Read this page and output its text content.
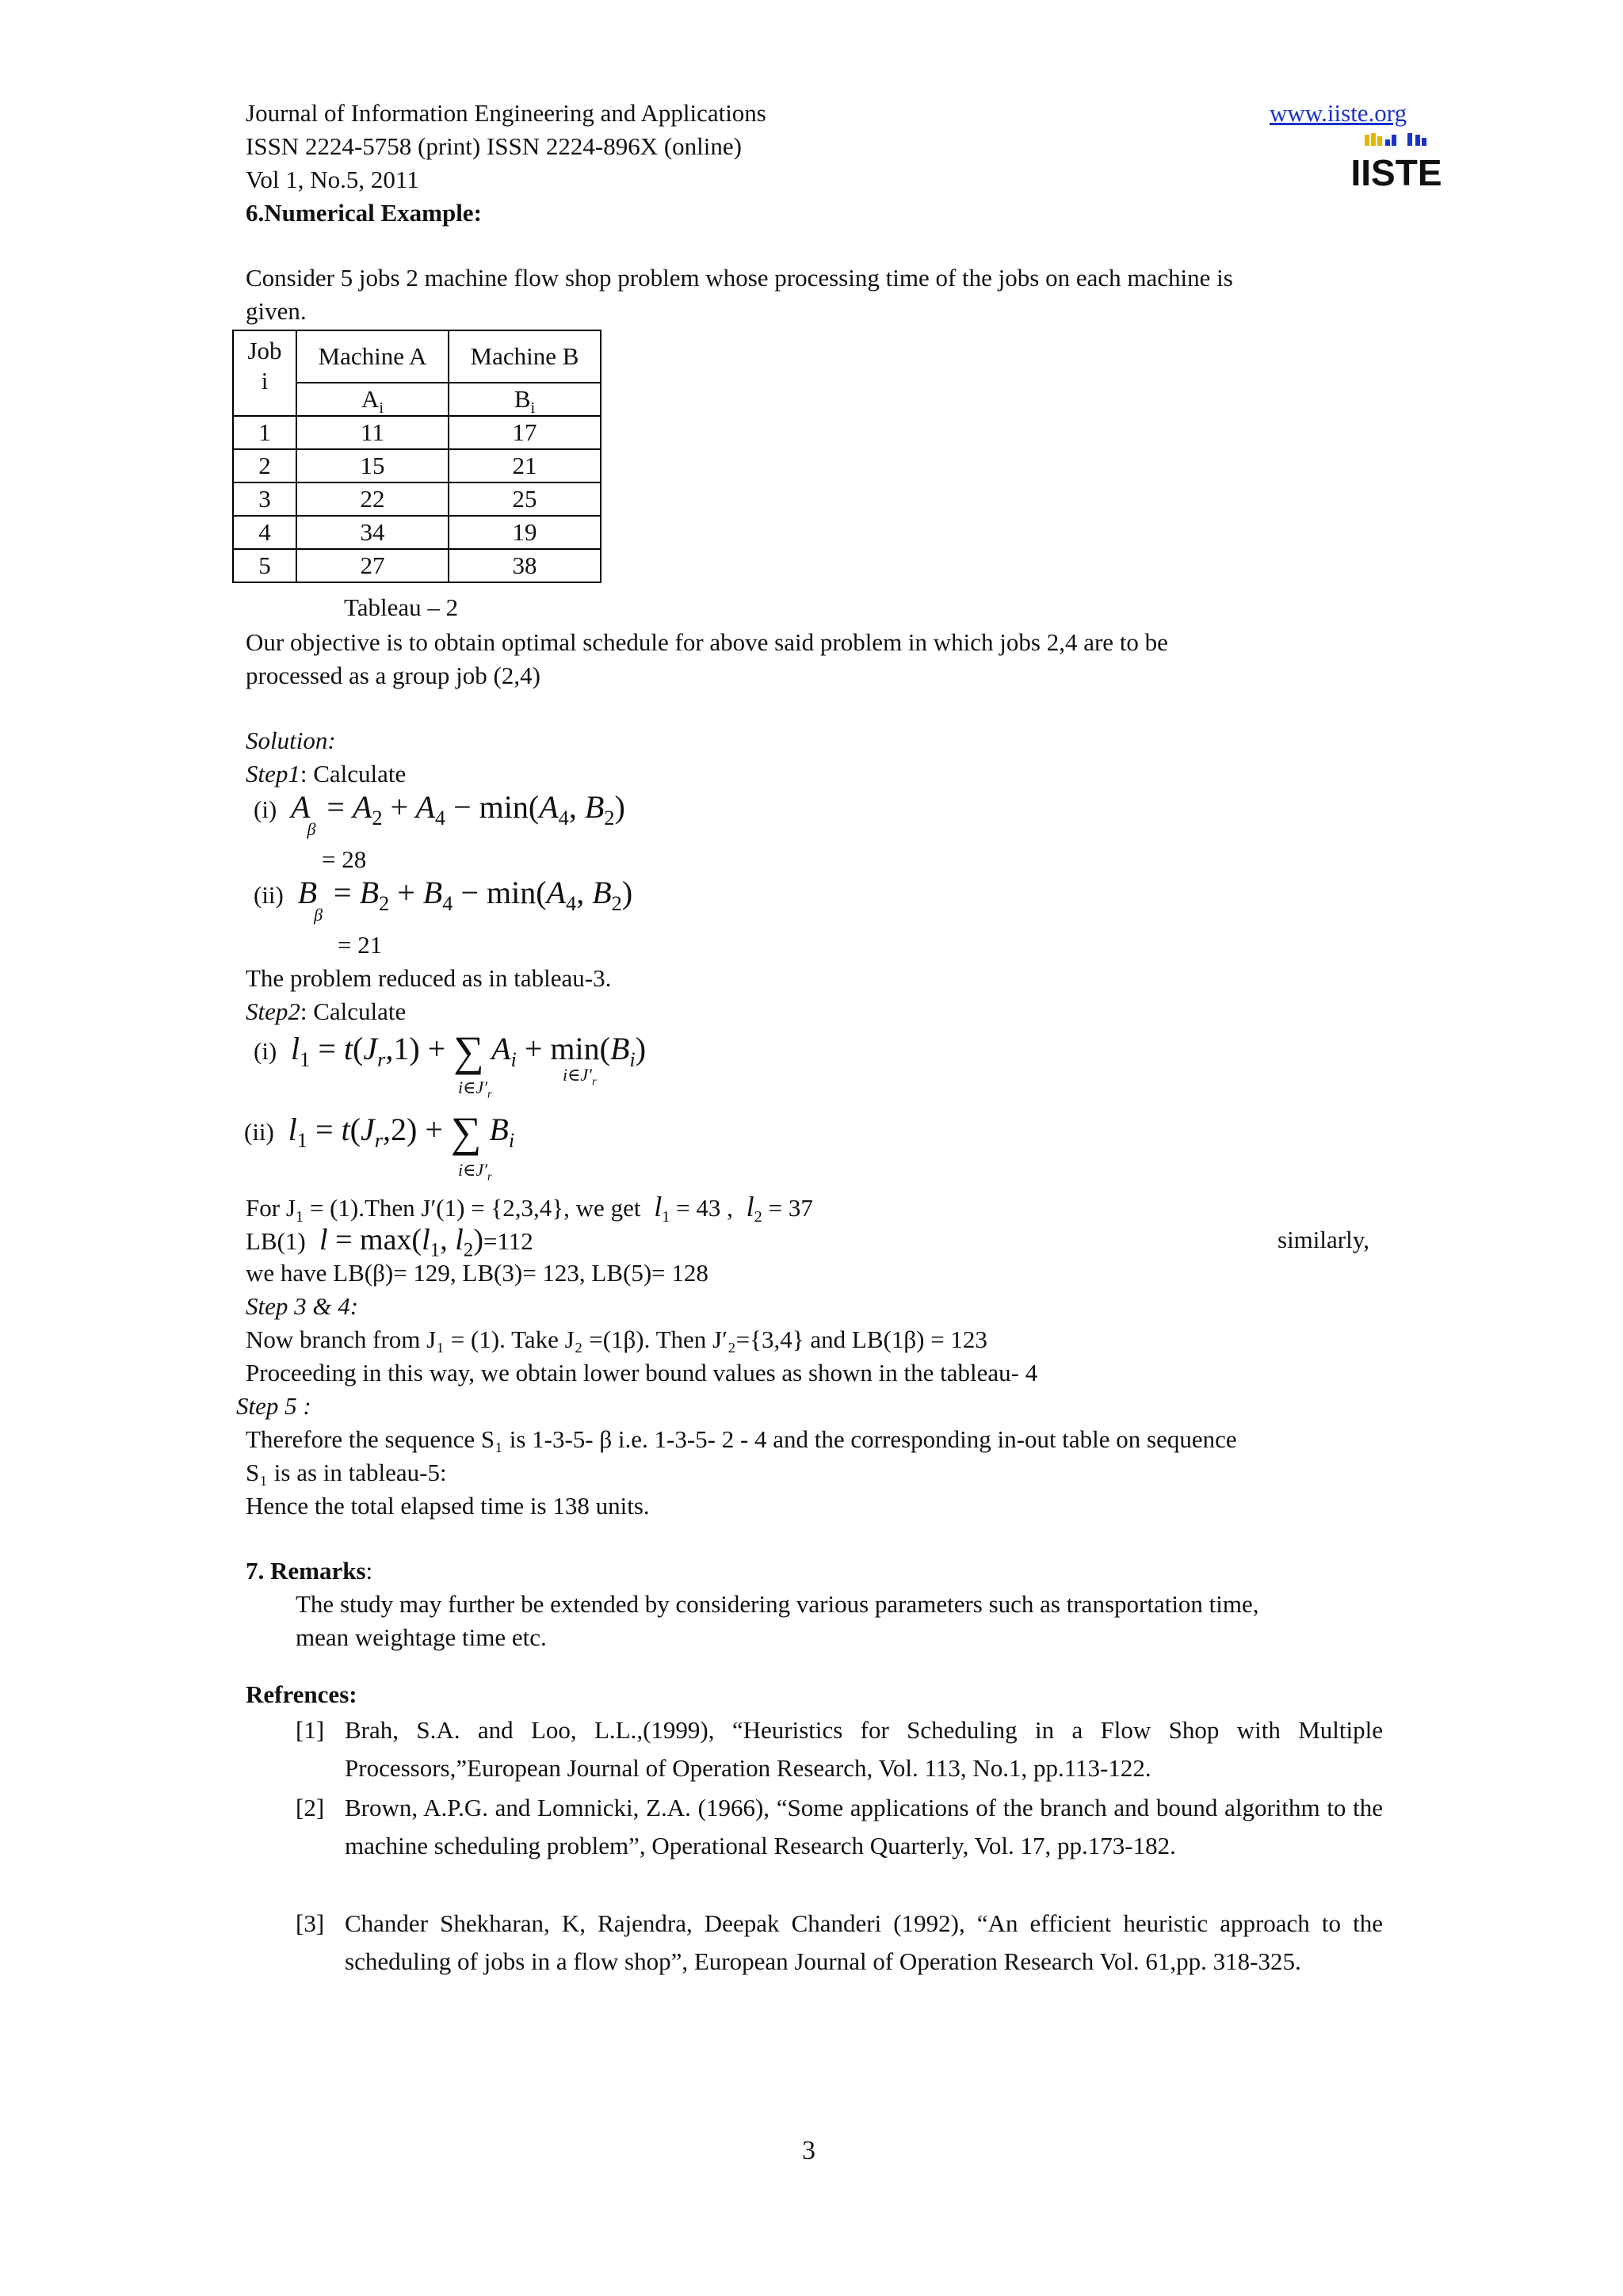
Journal of Information Engineering and Applications	www.iiste.org
ISSN 2224-5758 (print) ISSN 2224-896X (online)
Vol 1, No.5, 2011	IISTE
6.Numerical Example:
Consider 5 jobs 2 machine flow shop problem whose processing time of the jobs on each machine is
given.
Job
i	Machine A	Machine B
	$A_i$	$B_i$
1	11	17
2	15	21
3	22	25
4	34	19
5	27	38
Tableau – 2
Our objective is to obtain optimal schedule for above said problem in which jobs 2,4 are to be
processed as a group job (2,4)
Solution:
Step1: Calculate
(i)  $A_\beta = A_2 + A_4 - \min(A_4$, $B_2$)
= 28
(ii)  $B_\beta = B_2 + B_4 - \min(A_4$, $B_2$)
= 21
The problem reduced as in tableau-3.
Step2: Calculate
(i)  $l_1 = t(J_r,1)$ + ∑ $A_i + \min(B_i)$
$i\in J'_r$
$i\in J'_r$
(ii)  $l_1 = t(J_r,2)$ + ∑ $B_i$
$i\in J'_r$
For $J_1$ = (1).Then J′(1) = {2,3,4}, we get  $l_1 = 43$ ,  $l_2 = 37$
LB(1)  $l = \max(l_1$, $l_2)=112$	similarly,
we have LB(β)= 129, LB(3)= 123, LB(5)= 128
Step 3 & 4:
Now branch from J₁ = (1). Take J₂ =(1β). Then J′₂={3,4} and LB(1β) = 123
Proceeding in this way, we obtain lower bound values as shown in the tableau- 4
Step 5 :
Therefore the sequence S₁ is 1-3-5- β i.e. 1-3-5- 2 - 4 and the corresponding in-out table on sequence
S₁ is as in tableau-5:
Hence the total elapsed time is 138 units.
7. Remarks:
The study may further be extended by considering various parameters such as transportation time,
mean weightage time etc.
Refrences:
[1] Brah, S.A. and Loo, L.L.,(1999), “Heuristics for Scheduling in a Flow Shop with Multiple Processors,”European Journal of Operation Research, Vol. 113, No.1, pp.113-122.
[2] Brown, A.P.G. and Lomnicki, Z.A. (1966), “Some applications of the branch and bound algorithm to the machine scheduling problem”, Operational Research Quarterly, Vol. 17, pp.173-182.
[3] Chander Shekharan, K, Rajendra, Deepak Chanderi (1992), “An efficient heuristic approach to the scheduling of jobs in a flow shop”, European Journal of Operation Research Vol. 61,pp. 318-325.
3
